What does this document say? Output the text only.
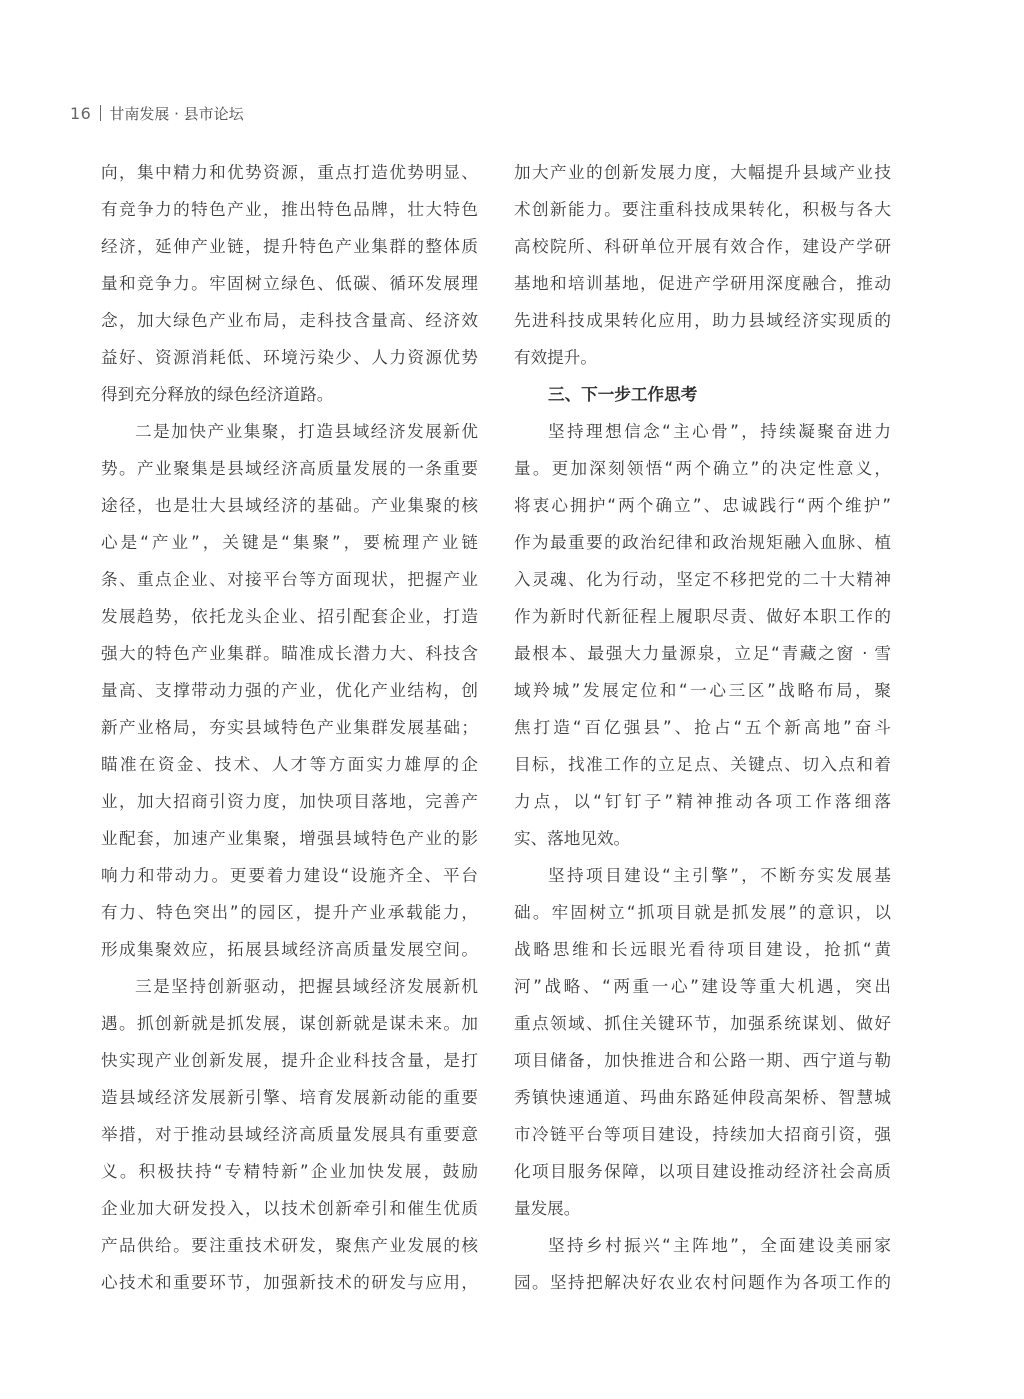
16 甘南发展 · 县市论坛
向，集中精力和优势资源，重点打造优势明显、
有竞争力的特色产业，推出特色品牌，壮大特色
经济，延伸产业链，提升特色产业集群的整体质
量和竞争力。牢固树立绿色、低碳、循环发展理
念，加大绿色产业布局，走科技含量高、经济效
益好、资源消耗低、环境污染少、人力资源优势
得到充分释放的绿色经济道路。
二是加快产业集聚，打造县域经济发展新优
势。产业聚集是县域经济高质量发展的一条重要
途径，也是壮大县域经济的基础。产业集聚的核
心是“产业”，关键是“集聚”，要梳理产业链
条、重点企业、对接平台等方面现状，把握产业
发展趋势，依托龙头企业、招引配套企业，打造
强大的特色产业集群。瞄准成长潜力大、科技含
量高、支撑带动力强的产业，优化产业结构，创
新产业格局，夯实县域特色产业集群发展基础；
瞄准在资金、技术、人才等方面实力雄厚的企
业，加大招商引资力度，加快项目落地，完善产
业配套，加速产业集聚，增强县域特色产业的影
响力和带动力。更要着力建设“设施齐全、平台
有力、特色突出”的园区，提升产业承载能力，
形成集聚效应，拓展县域经济高质量发展空间。
三是坚持创新驱动，把握县域经济发展新机
遇。抓创新就是抓发展，谋创新就是谋未来。加
快实现产业创新发展，提升企业科技含量，是打
造县域经济发展新引擎、培育发展新动能的重要
举措，对于推动县域经济高质量发展具有重要意
义。积极扶持“专精特新”企业加快发展，鼓励
企业加大研发投入，以技术创新牵引和催生优质
产品供给。要注重技术研发，聚焦产业发展的核
心技术和重要环节，加强新技术的研发与应用，
加大产业的创新发展力度，大幅提升县域产业技
术创新能力。要注重科技成果转化，积极与各大
高校院所、科研单位开展有效合作，建设产学研
基地和培训基地，促进产学研用深度融合，推动
先进科技成果转化应用，助力县域经济实现质的
有效提升。
三、下一步工作思考
坚持理想信念“主心骨”，持续凝聚奋进力
量。更加深刻领悟“两个确立”的决定性意义，
将衷心拥护“两个确立”、忠诚践行“两个维护”
作为最重要的政治纪律和政治规矩融入血脉、植
入灵魂、化为行动，坚定不移把党的二十大精神
作为新时代新征程上履职尽责、做好本职工作的
最根本、最强大力量源泉，立足“青藏之窗 · 雪
域羚城”发展定位和“一心三区”战略布局，聚
焦打造“百亿强县”、抢占“五个新高地”奋斗
目标，找准工作的立足点、关键点、切入点和着
力点，以“钉钉子”精神推动各项工作落细落
实、落地见效。
坚持项目建设“主引擎”，不断夯实发展基
础。牢固树立“抓项目就是抓发展”的意识，以
战略思维和长远眼光看待项目建设，抢抓“黄
河”战略、“两重一心”建设等重大机遇，突出
重点领域、抓住关键环节，加强系统谋划、做好
项目储备，加快推进合和公路一期、西宁道与勒
秀镇快速通道、玛曲东路延伸段高架桥、智慧城
市冷链平台等项目建设，持续加大招商引资，强
化项目服务保障，以项目建设推动经济社会高质
量发展。
坚持乡村振兴“主阵地”，全面建设美丽家
园。坚持把解决好农业农村问题作为各项工作的
